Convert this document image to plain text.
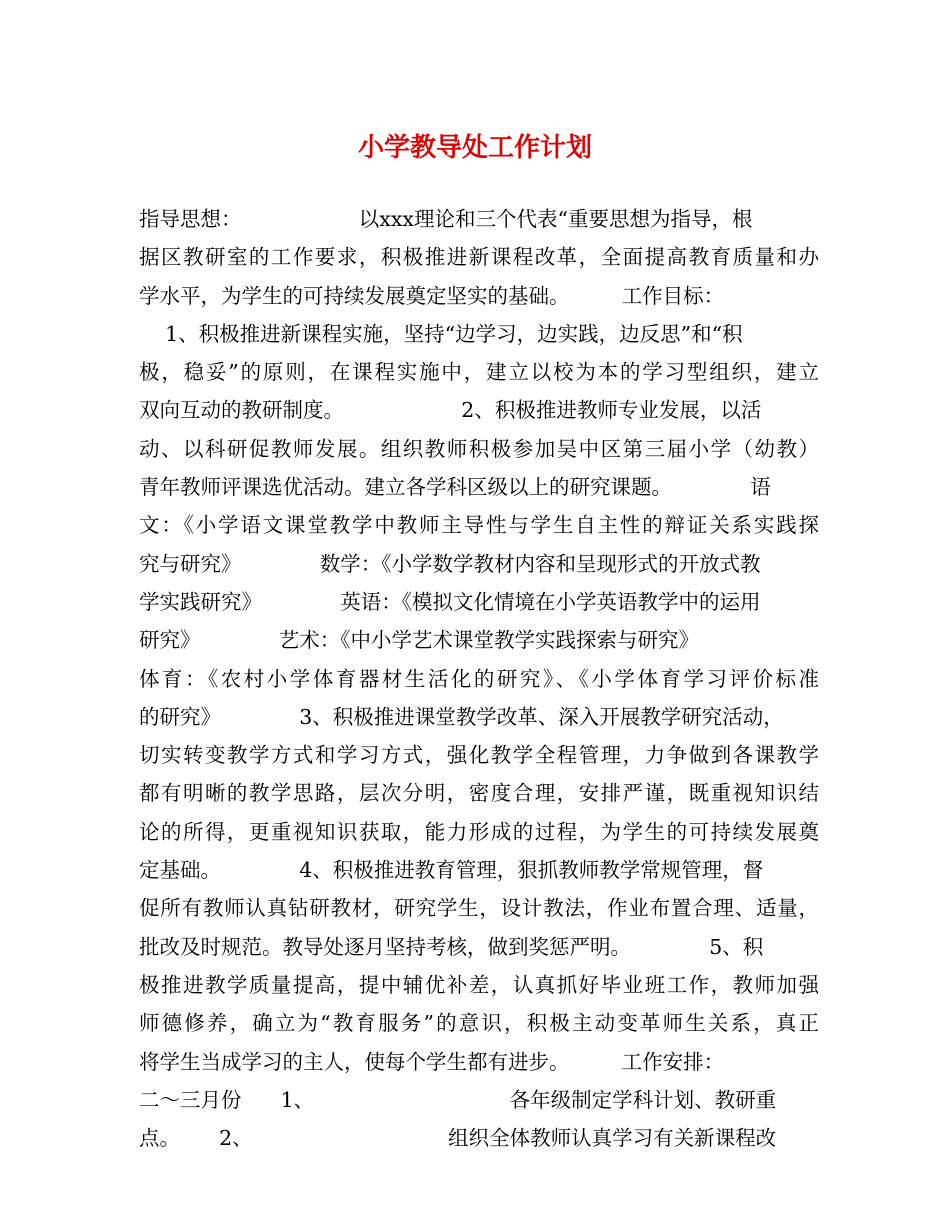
小学教导处工作计划
指导思想：                  以xxx理论和三个代表“重要思想为指导，根
据区教研室的工作要求，积极推进新课程改革，全面提高教育质量和办
学水平，为学生的可持续发展奠定坚实的基础。        工作目标：
1、积极推进新课程实施，坚持“边学习，边实践，边反思”和“积
极，稳妥”的原则，在课程实施中，建立以校为本的学习型组织，建立
双向互动的教研制度。                  2、积极推进教师专业发展，以活
动、以科研促教师发展。组织教师积极参加吴中区第三届小学（幼教）
青年教师评课选优活动。建立各学科区级以上的研究课题。            语
文：《小学语文课堂教学中教师主导性与学生自主性的辩证关系实践探
究与研究》            数学：《小学数学教材内容和呈现形式的开放式教
学实践研究》            英语：《模拟文化情境在小学英语教学中的运用
研究》            艺术：《中小学艺术课堂教学实践探索与研究》
体育：《农村小学体育器材生活化的研究》、《小学体育学习评价标准
的研究》            3、积极推进课堂教学改革、深入开展教学研究活动，
切实转变教学方式和学习方式，强化教学全程管理，力争做到各课教学
都有明晰的教学思路，层次分明，密度合理，安排严谨，既重视知识结
论的所得，更重视知识获取，能力形成的过程，为学生的可持续发展奠
定基础。            4、积极推进教育管理，狠抓教师教学常规管理，督
促所有教师认真钻研教材，研究学生，设计教法，作业布置合理、适量，
批改及时规范。教导处逐月坚持考核，做到奖惩严明。            5、积
极推进教学质量提高，提中辅优补差，认真抓好毕业班工作，教师加强
师德修养，确立为“教育服务”的意识，积极主动变革师生关系，真正
将学生当成学习的主人，使每个学生都有进步。        工作安排：
二～三月份      1、                              各年级制定学科计划、教研重
点。      2、                              组织全体教师认真学习有关新课程改
